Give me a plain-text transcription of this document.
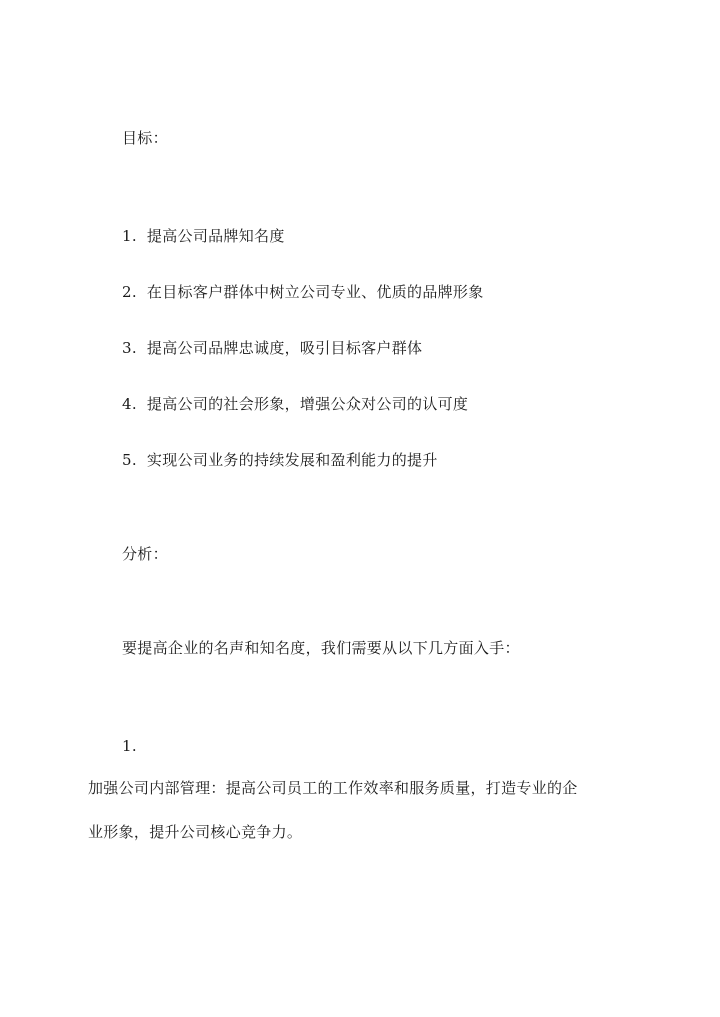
目标：
1. 提高公司品牌知名度
2. 在目标客户群体中树立公司专业、优质的品牌形象
3. 提高公司品牌忠诚度，吸引目标客户群体
4. 提高公司的社会形象，增强公众对公司的认可度
5. 实现公司业务的持续发展和盈利能力的提升
分析：
要提高企业的名声和知名度，我们需要从以下几方面入手：
1.
加强公司内部管理：提高公司员工的工作效率和服务质量，打造专业的企
业形象，提升公司核心竞争力。
